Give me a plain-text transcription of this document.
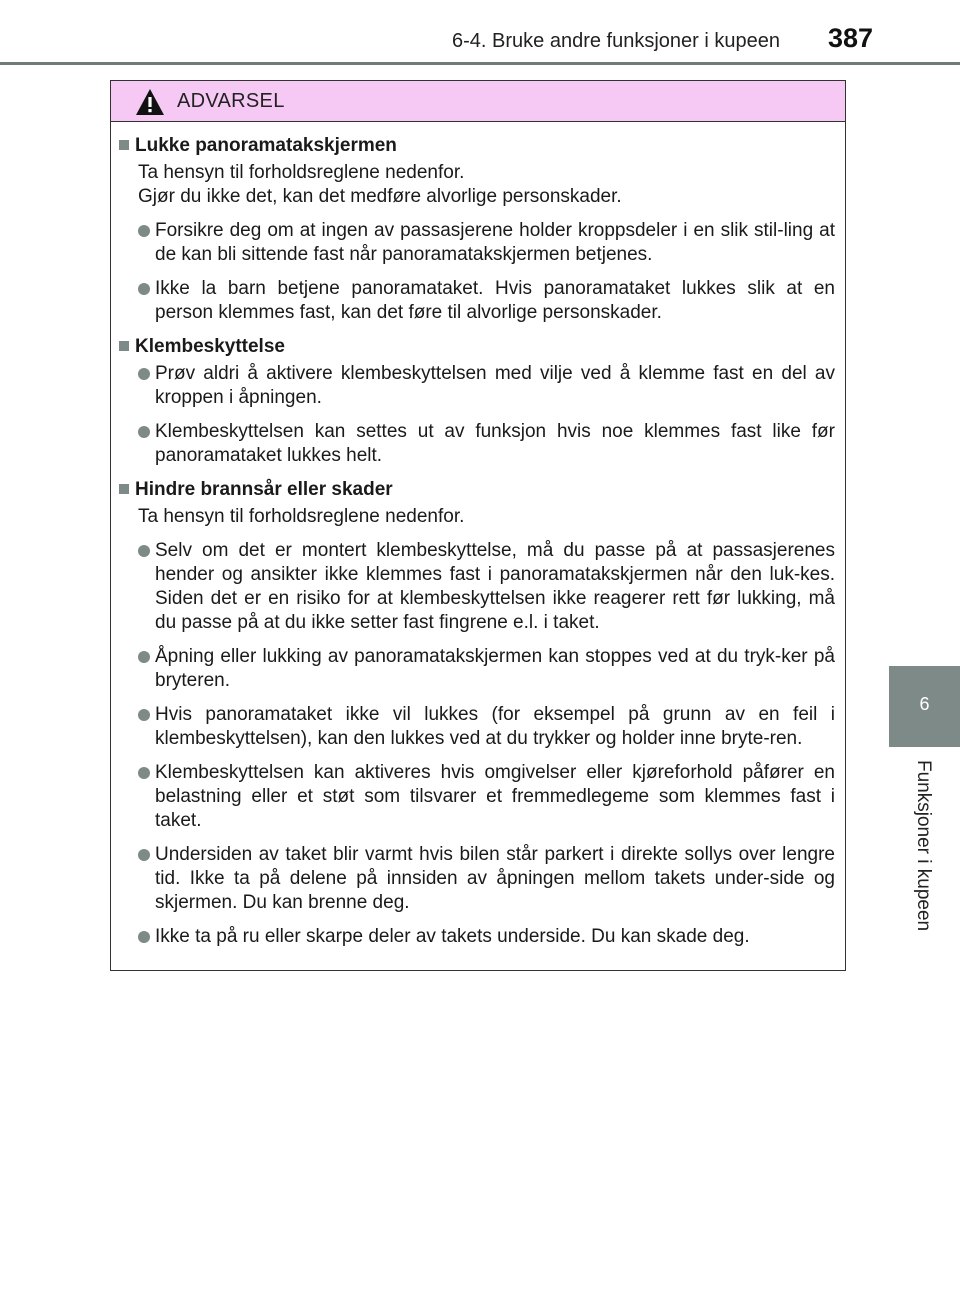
6-4. Bruke andre funksjoner i kupeen 387
6
Funksjoner i kupeen
ADVARSEL
Lukke panoramatakskjermen
Ta hensyn til forholdsreglene nedenfor.
Gjør du ikke det, kan det medføre alvorlige personskader.
Forsikre deg om at ingen av passasjerene holder kroppsdeler i en slik stil-ling at de kan bli sittende fast når panoramatakskjermen betjenes.
Ikke la barn betjene panoramataket. Hvis panoramataket lukkes slik at en person klemmes fast, kan det føre til alvorlige personskader.
Klembeskyttelse
Prøv aldri å aktivere klembeskyttelsen med vilje ved å klemme fast en del av kroppen i åpningen.
Klembeskyttelsen kan settes ut av funksjon hvis noe klemmes fast like før panoramataket lukkes helt.
Hindre brannsår eller skader
Ta hensyn til forholdsreglene nedenfor.
Selv om det er montert klembeskyttelse, må du passe på at passasjerenes hender og ansikter ikke klemmes fast i panoramatakskjermen når den luk-kes. Siden det er en risiko for at klembeskyttelsen ikke reagerer rett før lukking, må du passe på at du ikke setter fast fingrene e.l. i taket.
Åpning eller lukking av panoramatakskjermen kan stoppes ved at du tryk-ker på bryteren.
Hvis panoramataket ikke vil lukkes (for eksempel på grunn av en feil i klembeskyttelsen), kan den lukkes ved at du trykker og holder inne bryte-ren.
Klembeskyttelsen kan aktiveres hvis omgivelser eller kjøreforhold påfører en belastning eller et støt som tilsvarer et fremmedlegeme som klemmes fast i taket.
Undersiden av taket blir varmt hvis bilen står parkert i direkte sollys over lengre tid. Ikke ta på delene på innsiden av åpningen mellom takets under-side og skjermen. Du kan brenne deg.
Ikke ta på ru eller skarpe deler av takets underside. Du kan skade deg.
